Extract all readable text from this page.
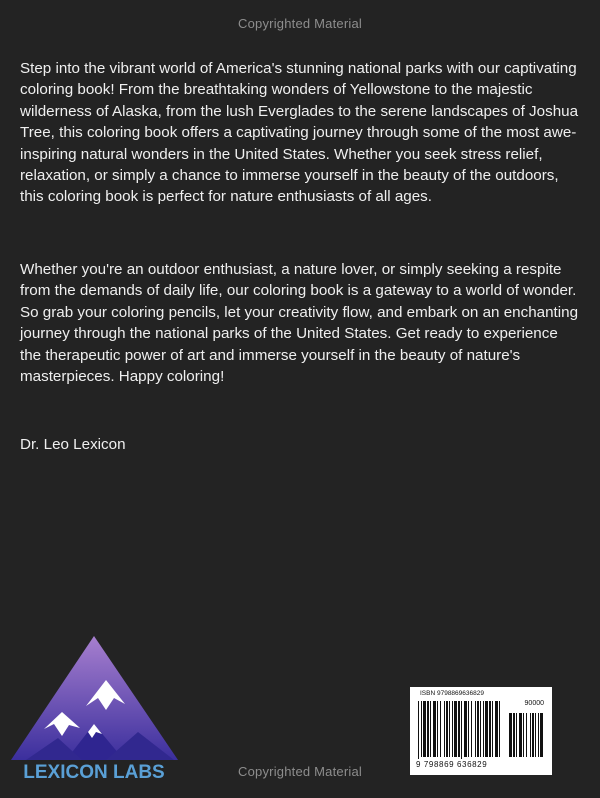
Copyrighted Material

Step into the vibrant world of America's stunning national parks with our captivating coloring book! From the breathtaking wonders of Yellowstone to the majestic wilderness of Alaska, from the lush Everglades to the serene landscapes of Joshua Tree, this coloring book offers a captivating journey through some of the most awe-inspiring natural wonders in the United States. Whether you seek stress relief, relaxation, or simply a chance to immerse yourself in the beauty of the outdoors, this coloring book is perfect for nature enthusiasts of all ages.

Whether you're an outdoor enthusiast, a nature lover, or simply seeking a respite from the demands of daily life, our coloring book is a gateway to a world of wonder. So grab your coloring pencils, let your creativity flow, and embark on an enchanting journey through the national parks of the United States. Get ready to experience the therapeutic power of art and immerse yourself in the beauty of nature's masterpieces. Happy coloring!

Dr. Leo Lexicon

LEXICON LABS
ISBN 9798869636829
90000
9 798869 636829
Copyrighted Material
